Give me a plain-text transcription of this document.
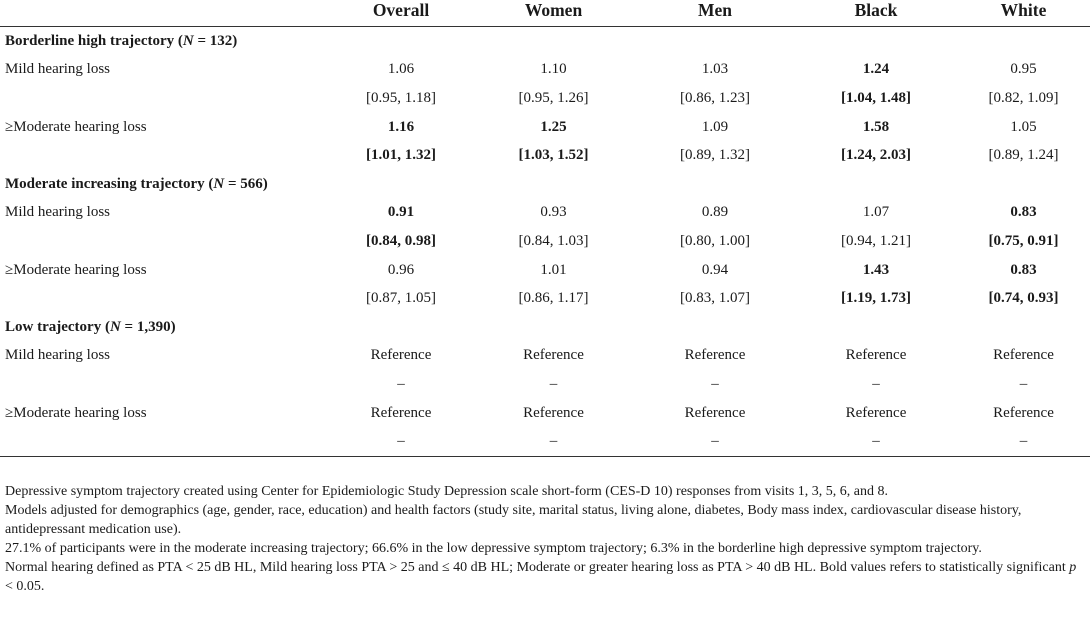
	Overall	Women	Men	Black	White
Borderline high trajectory (N = 132)					
Mild hearing loss	1.06	1.10	1.03	1.24	0.95
	[0.95, 1.18]	[0.95, 1.26]	[0.86, 1.23]	[1.04, 1.48]	[0.82, 1.09]
≥Moderate hearing loss	1.16	1.25	1.09	1.58	1.05
	[1.01, 1.32]	[1.03, 1.52]	[0.89, 1.32]	[1.24, 2.03]	[0.89, 1.24]
Moderate increasing trajectory (N = 566)					
Mild hearing loss	0.91	0.93	0.89	1.07	0.83
	[0.84, 0.98]	[0.84, 1.03]	[0.80, 1.00]	[0.94, 1.21]	[0.75, 0.91]
≥Moderate hearing loss	0.96	1.01	0.94	1.43	0.83
	[0.87, 1.05]	[0.86, 1.17]	[0.83, 1.07]	[1.19, 1.73]	[0.74, 0.93]
Low trajectory (N = 1,390)					
Mild hearing loss	Reference	Reference	Reference	Reference	Reference
	–	–	–	–	–
≥Moderate hearing loss	Reference	Reference	Reference	Reference	Reference
	–	–	–	–	–

Depressive symptom trajectory created using Center for Epidemiologic Study Depression scale short-form (CES-D 10) responses from visits 1, 3, 5, 6, and 8.

Models adjusted for demographics (age, gender, race, education) and health factors (study site, marital status, living alone, diabetes, Body mass index, cardiovascular disease history, antidepressant medication use).

27.1% of participants were in the moderate increasing trajectory; 66.6% in the low depressive symptom trajectory; 6.3% in the borderline high depressive symptom trajectory.

Normal hearing defined as PTA < 25 dB HL, Mild hearing loss PTA > 25 and ≤ 40 dB HL; Moderate or greater hearing loss as PTA > 40 dB HL. Bold values refers to statistically significant p < 0.05.
